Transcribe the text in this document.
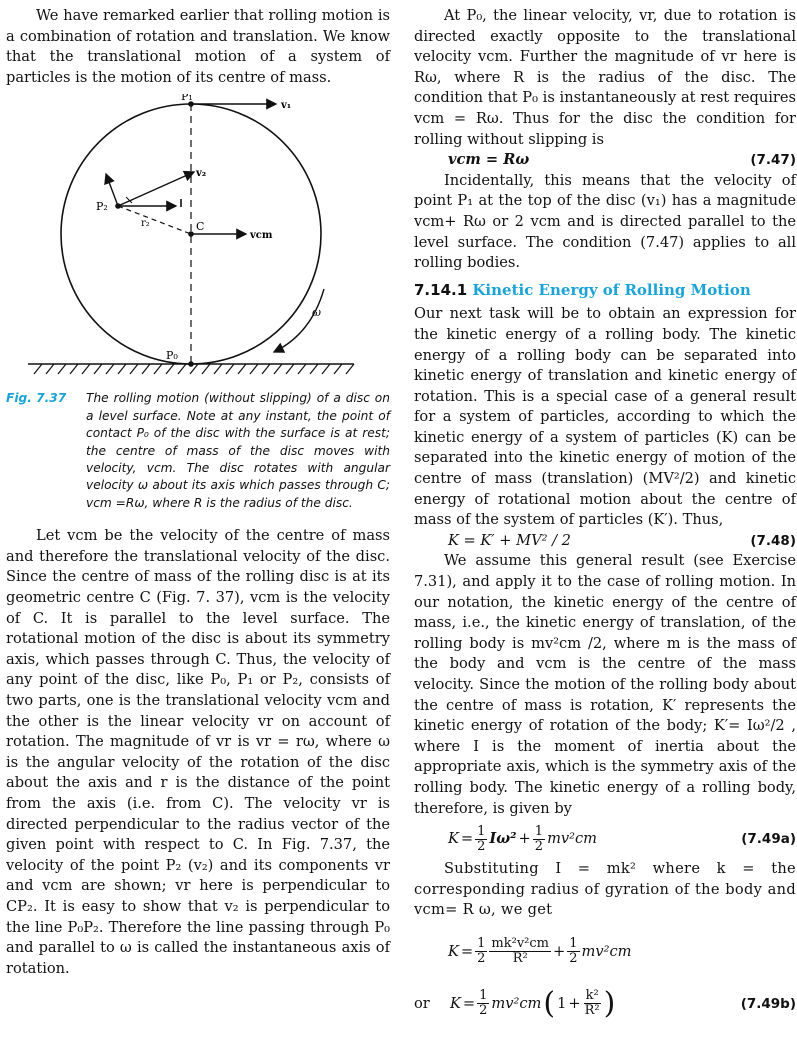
We have remarked earlier that rolling motion is a combination of rotation and translation. We know that the translational motion of a system of particles is the motion of its centre of mass.

P₁
v₁
P₂
v₂
r₂	C
vcm
P₀
ω
Fig. 7.37	The rolling motion (without slipping) of a disc on a level surface. Note at any instant, the point of contact P₀ of the disc with the surface is at rest; the centre of mass of the disc moves with velocity, vcm. The disc rotates with angular velocity ω about its axis which passes through C; vcm =Rω, where R is the radius of the disc.

Let vcm be the velocity of the centre of mass and therefore the translational velocity of the disc. Since the centre of mass of the rolling disc is at its geometric centre C (Fig. 7. 37), vcm is the velocity of C. It is parallel to the level surface. The rotational motion of the disc is about its symmetry axis, which passes through C. Thus, the velocity of any point of the disc, like P₀, P₁ or P₂, consists of two parts, one is the translational velocity vcm and the other is the linear velocity vr on account of rotation. The magnitude of vr is vr = rω, where ω is the angular velocity of the rotation of the disc about the axis and r is the distance of the point from the axis (i.e. from C). The velocity vr is directed perpendicular to the radius vector of the given point with respect to C. In Fig. 7.37, the velocity of the point P₂ (v₂) and its components vr and vcm are shown; vr here is perpendicular to CP₂. It is easy to show that v₂ is perpendicular to the line P₀P₂. Therefore the line passing through P₀ and parallel to ω is called the instantaneous axis of rotation.

At P₀, the linear velocity, vr, due to rotation is directed exactly opposite to the translational velocity vcm. Further the magnitude of vr here is Rω, where R is the radius of the disc. The condition that P₀ is instantaneously at rest requires vcm = Rω. Thus for the disc the condition for rolling without slipping is

vcm = Rω	(7.47)

Incidentally, this means that the velocity of point P₁ at the top of the disc (v₁) has a magnitude vcm+ Rω or 2 vcm and is directed parallel to the level surface. The condition (7.47) applies to all rolling bodies.

7.14.1 Kinetic Energy of Rolling Motion

Our next task will be to obtain an expression for the kinetic energy of a rolling body. The kinetic energy of a rolling body can be separated into kinetic energy of translation and kinetic energy of rotation. This is a special case of a general result for a system of particles, according to which the kinetic energy of a system of particles (K) can be separated into the kinetic energy of motion of the centre of mass (translation) (MV²/2) and kinetic energy of rotational motion about the centre of mass of the system of particles (K′). Thus,

K = K′ + MV² / 2	(7.48)

We assume this general result (see Exercise 7.31), and apply it to the case of rolling motion. In our notation, the kinetic energy of the centre of mass, i.e., the kinetic energy of translation, of the rolling body is mv²cm /2, where m is the mass of the body and vcm is the centre of the mass velocity. Since the motion of the rolling body about the centre of mass is rotation, K′ represents the kinetic energy of rotation of the body; K′= Iω²/2 , where I is the moment of inertia about the appropriate axis, which is the symmetry axis of the rolling body. The kinetic energy of a rolling body, therefore, is given by

$K = \frac{1}{2} I\omega^2 + \frac{1}{2} mv^2cm$	(7.49a)

Substituting I = mk² where k = the corresponding radius of gyration of the body and vcm= R ω, we get

$K = \frac{1}{2} \frac{\text{mk²v²cm}}{\text{R²}} + \frac{1}{2} mv^2cm$
or	$K = \frac{1}{2} mv^2cm$ ( $1 + \frac{\text{k²}}{\text{R²}}$ )	(7.49b)
